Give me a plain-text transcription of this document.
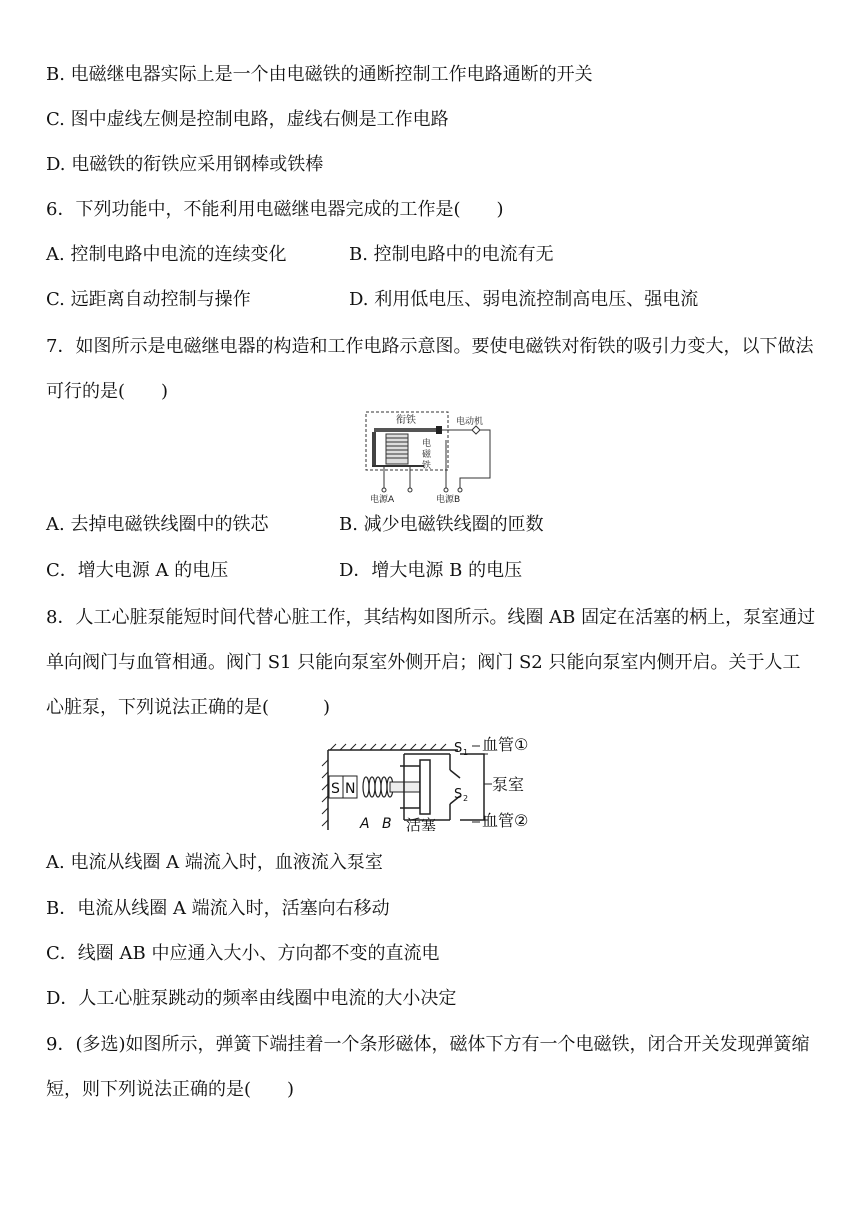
B. 电磁继电器实际上是一个由电磁铁的通断控制工作电路通断的开关
C. 图中虚线左侧是控制电路，虚线右侧是工作电路
D. 电磁铁的衔铁应采用钢棒或铁棒
6．下列功能中，不能利用电磁继电器完成的工作是(　　)
A. 控制电路中电流的连续变化	B. 控制电路中的电流有无
C. 远距离自动控制与操作	D. 利用低电压、弱电流控制高电压、强电流
7．如图所示是电磁继电器的构造和工作电路示意图。要使电磁铁对衔铁的吸引力变大，以下做法可行的是(　　)
衔铁
电
磁
铁
电源A
电动机
电源B
A. 去掉电磁铁线圈中的铁芯	B. 减少电磁铁线圈的匝数
C．增大电源 A 的电压	D．增大电源 B 的电压
8．人工心脏泵能短时间代替心脏工作，其结构如图所示。线圈 AB 固定在活塞的柄上，泵室通过单向阀门与血管相通。阀门 S1 只能向泵室外侧开启；阀门 S2 只能向泵室内侧开启。关于人工心脏泵，下列说法正确的是(　　　)
S N
S 1
S 2
血管①
泵室
血管②
A B 活塞
A. 电流从线圈 A 端流入时，血液流入泵室
B．电流从线圈 A 端流入时，活塞向右移动
C．线圈 AB 中应通入大小、方向都不变的直流电
D．人工心脏泵跳动的频率由线圈中电流的大小决定
9．(多选)如图所示，弹簧下端挂着一个条形磁体，磁体下方有一个电磁铁，闭合开关发现弹簧缩短，则下列说法正确的是(　　)
